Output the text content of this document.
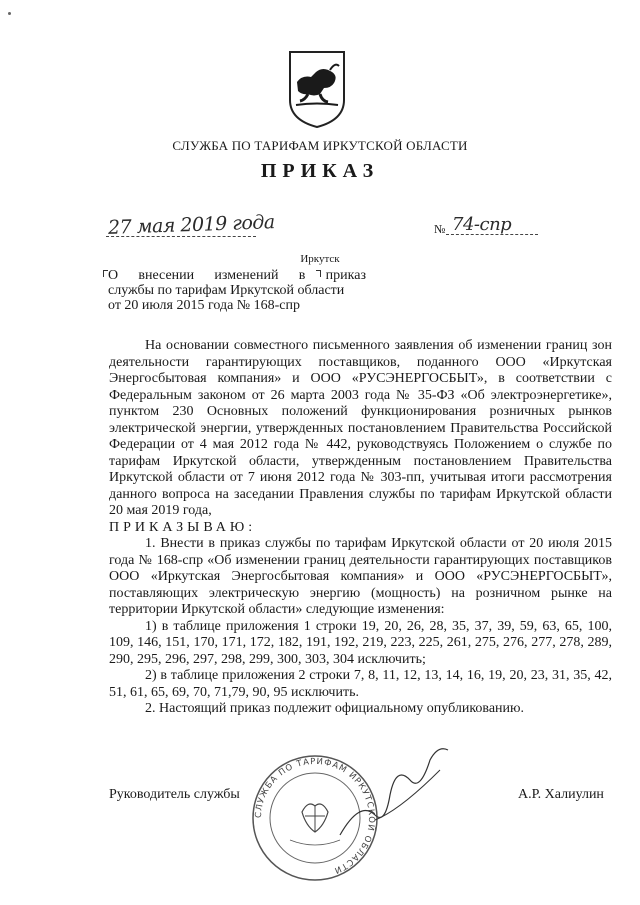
СЛУЖБА ПО ТАРИФАМ ИРКУТСКОЙ ОБЛАСТИ
ПРИКАЗ
27 мая 2019 года	№ 74-спр
Иркутск
О внесении изменений в приказ
службы по тарифам Иркутской области
от 20 июля 2015 года № 168-спр

На основании совместного письменного заявления об изменении границ зон деятельности гарантирующих поставщиков, поданного ООО «Иркутская Энергосбытовая компания» и ООО «РУСЭНЕРГОСБЫТ», в соответствии с Федеральным законом от 26 марта 2003 года № 35-ФЗ «Об электроэнергетике», пунктом 230 Основных положений функционирования розничных рынков электрической энергии, утвержденных постановлением Правительства Российской Федерации от 4 мая 2012 года № 442, руководствуясь Положением о службе по тарифам Иркутской области, утвержденным постановлением Правительства Иркутской области от 7 июня 2012 года № 303-пп, учитывая итоги рассмотрения данного вопроса на заседании Правления службы по тарифам Иркутской области 20 мая 2019 года,

ПРИКАЗЫВАЮ:

1. Внести в приказ службы по тарифам Иркутской области от 20 июля 2015 года № 168-спр «Об изменении границ деятельности гарантирующих поставщиков ООО «Иркутская Энергосбытовая компания» и ООО «РУСЭНЕРГОСБЫТ», поставляющих электрическую энергию (мощность) на розничном рынке на территории Иркутской области» следующие изменения:

1) в таблице приложения 1 строки 19, 20, 26, 28, 35, 37, 39, 59, 63, 65, 100, 109, 146, 151, 170, 171, 172, 182, 191, 192, 219, 223, 225, 261, 275, 276, 277, 278, 289, 290, 295, 296, 297, 298, 299, 300, 303, 304 исключить;

2) в таблице приложения 2 строки 7, 8, 11, 12, 13, 14, 16, 19, 20, 23, 31, 35, 42, 51, 61, 65, 69, 70, 71,79, 90, 95 исключить.

2. Настоящий приказ подлежит официальному опубликованию.

СЛУЖБА ПО ТАРИФАМ ИРКУТСКОЙ ОБЛАСТИ
Руководитель службы	А.Р. Халиулин
